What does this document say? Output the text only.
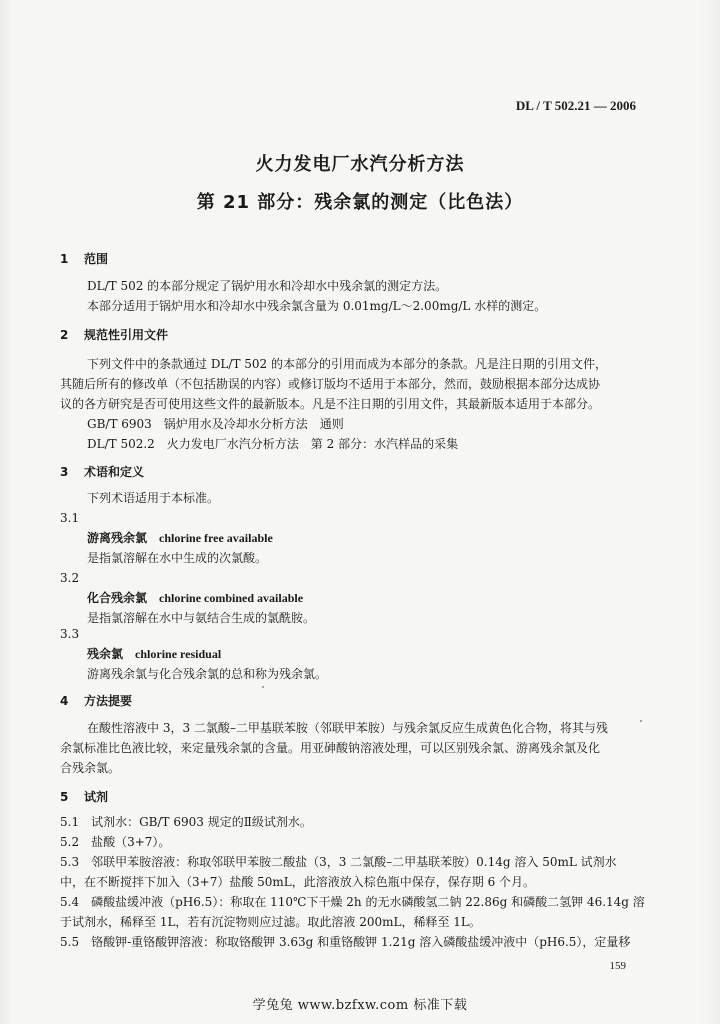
DL / T 502.21 — 2006
火力发电厂水汽分析方法
第 21 部分：残余氯的测定（比色法）
1 范围
DL/T 502 的本部分规定了锅炉用水和冷却水中残余氯的测定方法。
本部分适用于锅炉用水和冷却水中残余氯含量为 0.01mg/L～2.00mg/L 水样的测定。
2 规范性引用文件
下列文件中的条款通过 DL/T 502 的本部分的引用而成为本部分的条款。凡是注日期的引用文件，
其随后所有的修改单（不包括勘误的内容）或修订版均不适用于本部分，然而，鼓励根据本部分达成协
议的各方研究是否可使用这些文件的最新版本。凡是不注日期的引用文件，其最新版本适用于本部分。
GB/T 6903　锅炉用水及冷却水分析方法　通则
DL/T 502.2　火力发电厂水汽分析方法　第 2 部分：水汽样品的采集
3 术语和定义
下列术语适用于本标准。
3.1
游离残余氯　 chlorine free available
是指氯溶解在水中生成的次氯酸。
3.2
化合残余氯　 chlorine combined available
是指氯溶解在水中与氨结合生成的氯酰胺。
3.3
残余氯　 chlorine residual
游离残余氯与化合残余氯的总和称为残余氯。
4 方法提要
在酸性溶液中 3，3 二氯酸–二甲基联苯胺（邻联甲苯胺）与残余氯反应生成黄色化合物，将其与残
余氯标准比色液比较，来定量残余氯的含量。用亚砷酸钠溶液处理，可以区别残余氯、游离残余氯及化
合残余氯。
5 试剂
5.1　试剂水：GB/T 6903 规定的Ⅱ级试剂水。
5.2　盐酸（3+7）。
5.3　邻联甲苯胺溶液：称取邻联甲苯胺二酸盐（3，3 二氯酸–二甲基联苯胺）0.14g 溶入 50mL 试剂水
中，在不断搅拌下加入（3+7）盐酸 50mL，此溶液放入棕色瓶中保存，保存期 6 个月。
5.4　磷酸盐缓冲液（pH6.5）：称取在 110℃下干燥 2h 的无水磷酸氢二钠 22.86g 和磷酸二氢钾 46.14g 溶
于试剂水，稀释至 1L，若有沉淀物则应过滤。取此溶液 200mL，稀释至 1L。
5.5　铬酸钾-重铬酸钾溶液：称取铬酸钾 3.63g 和重铬酸钾 1.21g 溶入磷酸盐缓冲液中（pH6.5），定量移
159
学兔兔 www.bzfxw.com 标准下载
